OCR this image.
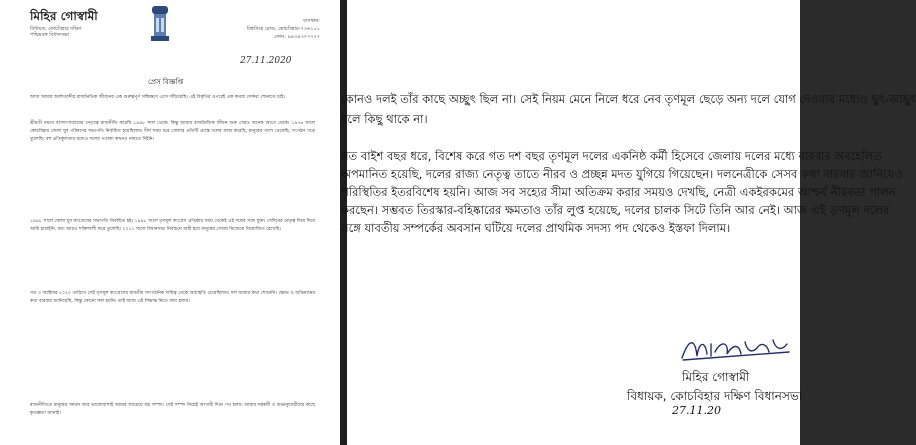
মিহির গোস্বামী
বিধায়ক, কোচবিহার দক্ষিণ
পশ্চিমবঙ্গ বিধানসভা
বাসস্থান:
বিশ্বসিংহ রোড, কোচবিহার-৭৩৬১০১
ফোন: ৯৪৩৪৩৭৭৭৭৭
27.11.2020
প্রেস বিজ্ঞপ্তি
আজ আমার অর্ধশতাব্দীর রাজনৈতিক জীবনের এক গুরুত্বপূর্ণ সন্ধিক্ষণে এসে দাঁড়িয়েছি। এই বিবৃতির ওপরেই এক কথায় সেকথা শোনাতে চাই।
শ্রীমতী মমতা বন্দ্যোপাধ্যায়ের নেতৃত্বে রাজনীতি করেছি ১৯৯৮ সাল থেকে। কিন্তু আমার রাজনৈতিক জীবন শুরু সেরও অনেক আগে থেকে। ১৯৭৬ সালে কোচবিহার জেলা যুব পরিষদের সভাপতি নির্বাচিত হয়েছিলাম। দীর্ঘ সময় ধরে জেলার প্রতিটি প্রান্তে দলের কাজ করেছি, মানুষের পাশে থেকেছি, সংগঠন গড়ে তুলেছি। বহু প্রতিকূলতার মধ্যেও দলের পতাকা কখনও নামতে দিইনি।
১৯৯৮ সালে জেলা যুব কংগ্রেসের সভাপতি নির্বাচিত হই। ১৯৯৮ সালে তৃণমূল কংগ্রেস প্রতিষ্ঠার সময় থেকেই এই দলের সঙ্গে যুক্ত। সেদিনের নেতৃত্ব দিয়ে দিয়ে আমি হারাইনি, বরং আরও শক্তিশালী করে তুলেছি। ২০১১ সালে বিধানসভা নির্বাচনে জয়ী হয়ে মানুষের সেবায় নিজেকে নিয়োজিত রেখেছি।
গত ৩ অক্টোবর ২০২০ তারিখে সেই তৃণমূল কংগ্রেসের যাবতীয় সাংগঠনিক দায়িত্ব থেকে অব্যাহতি চেয়েছিলাম। দল আমার কথা শোনেনি। ক্ষোভ ও অভিমানের কথা বারবার জানিয়েছি, কিন্তু কোনো ফল হয়নি। তাই আজ এই সিদ্ধান্ত নিতে বাধ্য হলাম।
রাজনীতিতে মানুষের সমর্থন আর ভালোবাসাই আমার সবচেয়ে বড় সম্পদ। সেই সম্পদ নিয়েই আগামী দিনে পথ চলব। আমার সহকর্মী ও শুভানুধ্যায়ীদের কাছে কৃতজ্ঞতা জানাই।
কোনও দলই তাঁর কাছে অচ্ছুৎ ছিল না। সেই নিয়ম মেনে নিলে ধরে নেব তৃণমূল ছেড়ে অন্য দলে যোগ দেওয়ার মধ্যেও ছুৎ-অচ্ছুৎ
বলে কিছু থাকে না।
গত বাইশ বছর ধরে, বিশেষ করে গত দশ বছর তৃণমূল দলের একনিষ্ঠ কর্মী হিসেবে জেলায় দলের মধ্যে বারবার অবহেলিত
অপমানিত হয়েছি, দলের রাজ্য নেতৃত্ব তাতে নীরব ও প্রচ্ছন্ন মদত যুগিয়ে গিয়েছেন। দলনেত্রীকে সেসব কথা বারবার জানিয়েও
পরিস্থিতির ইতরবিশেষ হয়নি। আজ সব সহ্যের সীমা অতিক্রম করার সময়ও দেখছি, নেত্রী একইরকমের আশ্চর্য নীরবতা পালন
করছেন। সম্ভবত তিরস্কার-বহিষ্কারের ক্ষমতাও তাঁর লুপ্ত হয়েছে, দলের চালক সিটে তিনি আর নেই। আজ এই তৃণমূল দলের
সঙ্গে যাবতীয় সম্পর্কের অবসান ঘটিয়ে দলের প্রাথমিক সদস্য পদ থেকেও ইস্তফা দিলাম।
মিহির গোস্বামী
বিধায়ক, কোচবিহার দক্ষিণ বিধানসভা
27.11.20
